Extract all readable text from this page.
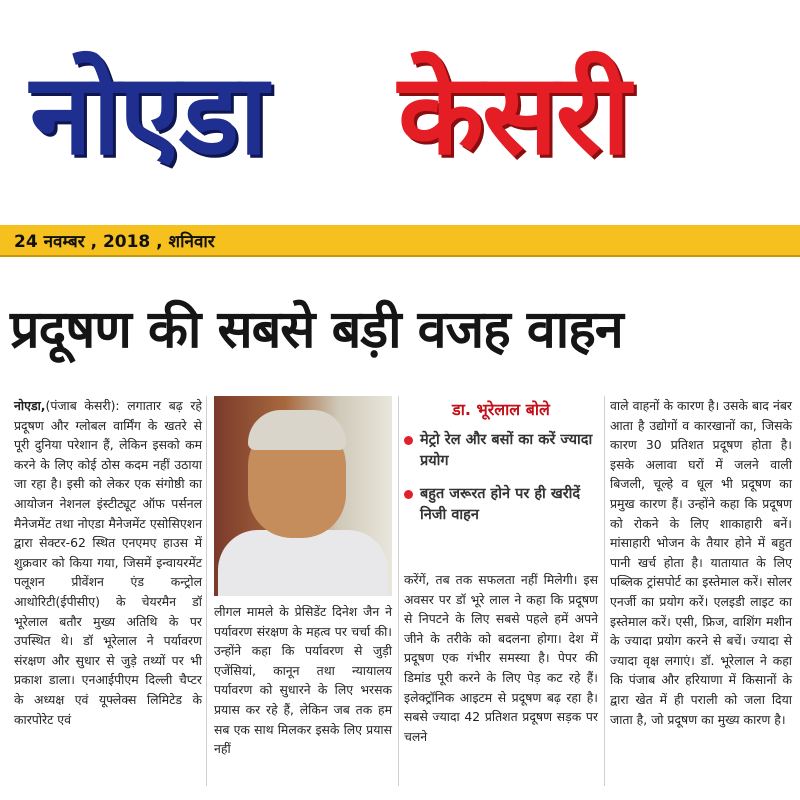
नोएडा केसरी
24 नवम्बर , 2018 , शनिवार
प्रदूषण की सबसे बड़ी वजह वाहन
नोएडा,(पंजाब केसरी): लगातार बढ़ रहे प्रदूषण और ग्लोबल वार्मिंग के खतरे से पूरी दुनिया परेशान हैं, लेकिन इसको कम करने के लिए कोई ठोस कदम नहीं उठाया जा रहा है। इसी को लेकर एक संगोष्ठी का आयोजन नेशनल इंस्टीट्यूट ऑफ पर्सनल मैनेजमेंट तथा नोएडा मैनेजमेंट एसोसिएशन द्वारा सेक्टर-62 स्थित एनएमए हाउस में शुक्रवार को किया गया, जिसमें इन्वायरमेंट पलूशन प्रीवेंशन एंड कन्ट्रोल आथोरिटी(ईपीसीए) के चेयरमैन डॉ भूरेलाल बतौर मुख्य अतिथि के पर उपस्थित थे। डॉ भूरेलाल ने पर्यावरण संरक्षण और सुधार से जुड़े तथ्यों पर भी प्रकाश डाला। एनआईपीएम दिल्ली चैप्टर के अध्यक्ष एवं यूफ्लेक्स लिमिटेड के कारपोरेट एवं
लीगल मामले के प्रेसिडेंट दिनेश जैन ने पर्यावरण संरक्षण के महत्व पर चर्चा की। उन्होंने कहा कि पर्यावरण से जुड़ी एजेंसियां, कानून तथा न्यायालय पर्यावरण को सुधारने के लिए भरसक प्रयास कर रहे हैं, लेकिन जब तक हम सब एक साथ मिलकर इसके लिए प्रयास नहीं
डा. भूरेलाल बोले
मेट्रो रेल और बसों का करें ज्यादा प्रयोग
बहुत जरूरत होने पर ही खरीदें निजी वाहन
करेंगें, तब तक सफलता नहीं मिलेगी। इस अवसर पर डॉ भूरे लाल ने कहा कि प्रदूषण से निपटने के लिए सबसे पहले हमें अपने जीने के तरीके को बदलना होगा। देश में प्रदूषण एक गंभीर समस्या है। पेपर की डिमांड पूरी करने के लिए पेड़ कट रहे हैं। इलेक्ट्रॉनिक आइटम से प्रदूषण बढ़ रहा है। सबसे ज्यादा 42 प्रतिशत प्रदूषण सड़क पर चलने
वाले वाहनों के कारण है। उसके बाद नंबर आता है उद्योगों व कारखानों का, जिसके कारण 30 प्रतिशत प्रदूषण होता है। इसके अलावा घरों में जलने वाली बिजली, चूल्हे व धूल भी प्रदूषण का प्रमुख कारण हैं। उन्होंने कहा कि प्रदूषण को रोकने के लिए शाकाहारी बनें। मांसाहारी भोजन के तैयार होने में बहुत पानी खर्च होता है। यातायात के लिए पब्लिक ट्रांसपोर्ट का इस्तेमाल करें। सोलर एनर्जी का प्रयोग करें। एलइडी लाइट का इस्तेमाल करें। एसी, फ्रिज, वाशिंग मशीन के ज्यादा प्रयोग करने से बचें। ज्यादा से ज्यादा वृक्ष लगाएं। डॉ. भूरेलाल ने कहा कि पंजाब और हरियाणा में किसानों के द्वारा खेत में ही पराली को जला दिया जाता है, जो प्रदूषण का मुख्य कारण है।
